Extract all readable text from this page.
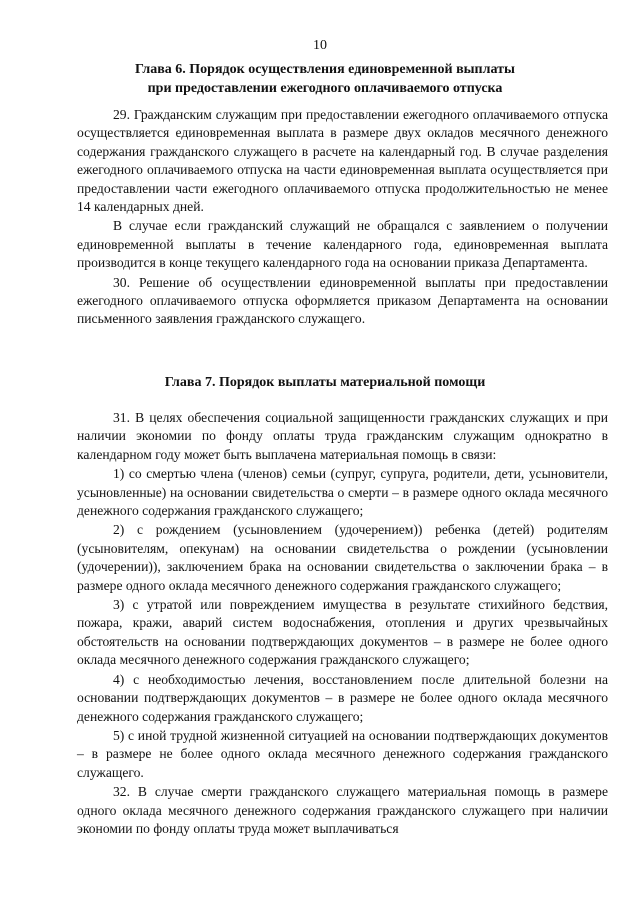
10
Глава 6. Порядок осуществления единовременной выплаты
при предоставлении ежегодного оплачиваемого отпуска

29. Гражданским служащим при предоставлении ежегодного оплачиваемого отпуска осуществляется единовременная выплата в размере двух окладов месячного денежного содержания гражданского служащего в расчете на календарный год. В случае разделения ежегодного оплачиваемого отпуска на части единовременная выплата осуществляется при предоставлении части ежегодного оплачиваемого отпуска продолжительностью не менее 14 календарных дней.

В случае если гражданский служащий не обращался с заявлением о получении единовременной выплаты в течение календарного года, единовременная выплата производится в конце текущего календарного года на основании приказа Департамента.

30. Решение об осуществлении единовременной выплаты при предоставлении ежегодного оплачиваемого отпуска оформляется приказом Департамента на основании письменного заявления гражданского служащего.

Глава 7. Порядок выплаты материальной помощи

31. В целях обеспечения социальной защищенности гражданских служащих и при наличии экономии по фонду оплаты труда гражданским служащим однократно в календарном году может быть выплачена материальная помощь в связи:

1) со смертью члена (членов) семьи (супруг, супруга, родители, дети, усыновители, усыновленные) на основании свидетельства о смерти – в размере одного оклада месячного денежного содержания гражданского служащего;

2) с рождением (усыновлением (удочерением)) ребенка (детей) родителям (усыновителям, опекунам) на основании свидетельства о рождении (усыновлении (удочерении)), заключением брака на основании свидетельства о заключении брака – в размере одного оклада месячного денежного содержания гражданского служащего;

3) с утратой или повреждением имущества в результате стихийного бедствия, пожара, кражи, аварий систем водоснабжения, отопления и других чрезвычайных обстоятельств на основании подтверждающих документов – в размере не более одного оклада месячного денежного содержания гражданского служащего;

4) с необходимостью лечения, восстановлением после длительной болезни на основании подтверждающих документов – в размере не более одного оклада месячного денежного содержания гражданского служащего;

5) с иной трудной жизненной ситуацией на основании подтверждающих документов – в размере не более одного оклада месячного денежного содержания гражданского служащего.

32. В случае смерти гражданского служащего материальная помощь в размере одного оклада месячного денежного содержания гражданского служащего при наличии экономии по фонду оплаты труда может выплачиваться
